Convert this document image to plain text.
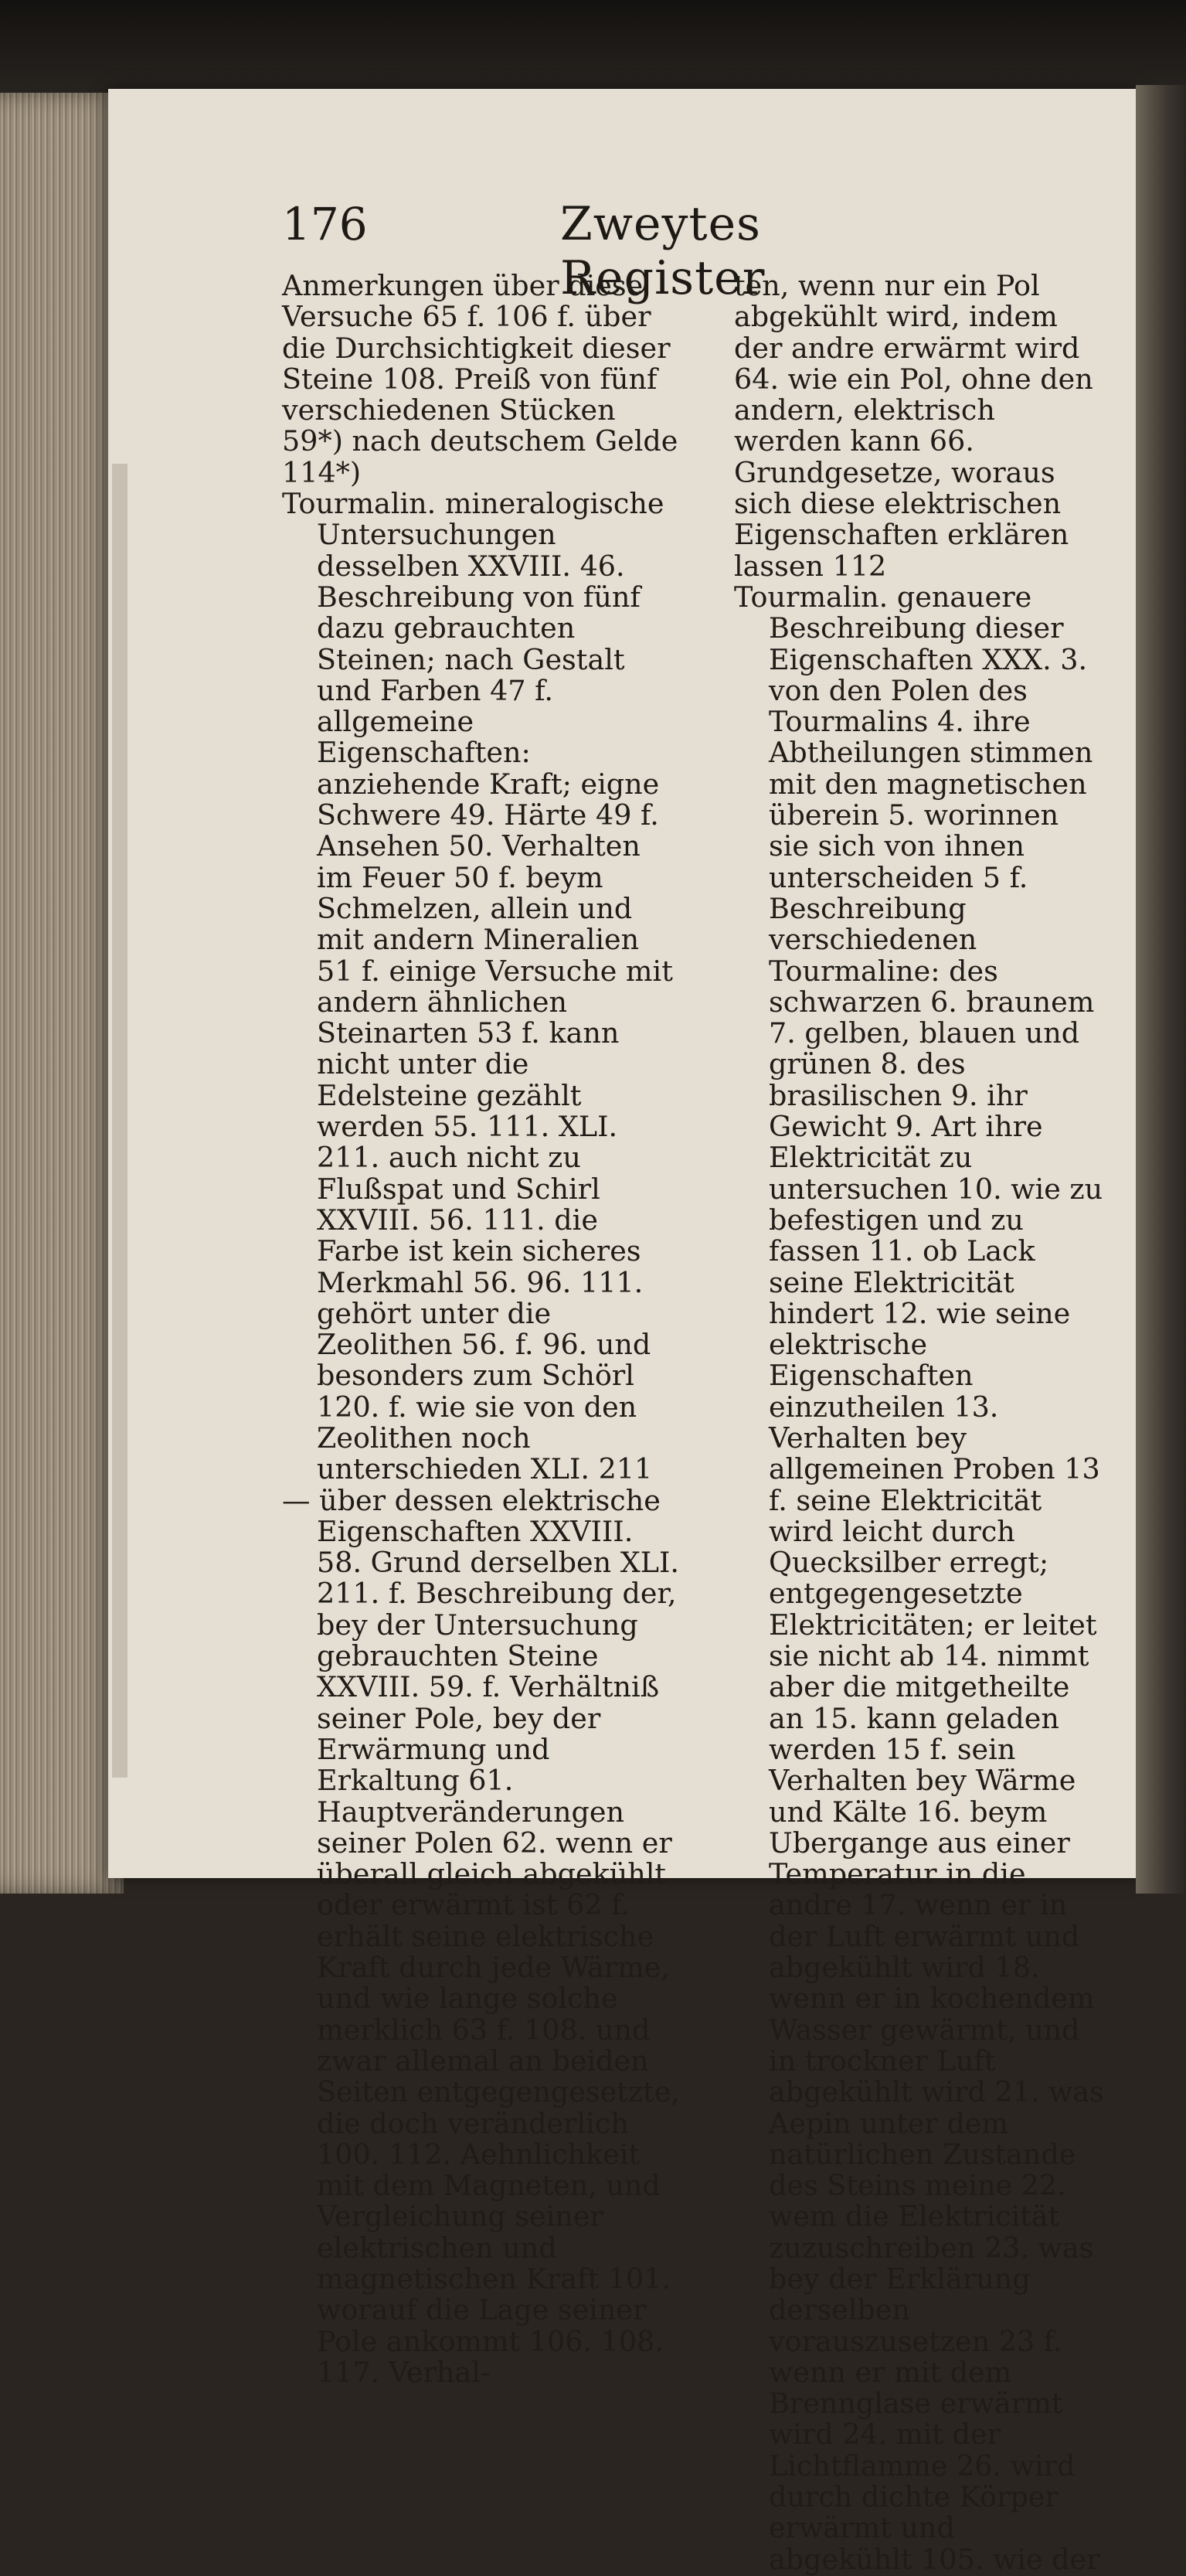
176	Zweytes Register

Anmerkungen über diese Versuche 65 f. 106 f. über die Durchsichtigkeit dieser Steine 108. Preiß von fünf verschiedenen Stücken 59*) nach deutschem Gelde 114*)

Tourmalin. mineralogische Untersuchungen desselben XXVIII. 46. Beschreibung von fünf dazu gebrauchten Steinen; nach Gestalt und Farben 47 f. allgemeine Eigenschaften: anziehende Kraft; eigne Schwere 49. Härte 49 f. Ansehen 50. Verhalten im Feuer 50 f. beym Schmelzen, allein und mit andern Mineralien 51 f. einige Versuche mit andern ähnlichen Steinarten 53 f. kann nicht unter die Edelsteine gezählt werden 55. 111. XLI. 211. auch nicht zu Flußspat und Schirl XXVIII. 56. 111. die Farbe ist kein sicheres Merkmahl 56. 96. 111. gehört unter die Zeolithen 56. f. 96. und besonders zum Schörl 120. f. wie sie von den Zeolithen noch unterschieden XLI. 211

— über dessen elektrische Eigenschaften XXVIII. 58. Grund derselben XLI. 211. f. Beschreibung der, bey der Untersuchung gebrauchten Steine XXVIII. 59. f. Verhältniß seiner Pole, bey der Erwärmung und Erkaltung 61. Hauptveränderungen seiner Polen 62. wenn er überall gleich abgekühlt oder erwärmt ist 62 f. erhält seine elektrische Kraft durch jede Wärme, und wie lange solche merklich 63 f. 108. und zwar allemal an beiden Seiten entgegengesetzte, die doch veränderlich 100. 112. Aehnlichkeit mit dem Magneten, und Vergleichung seiner elektrischen und magnetischen Kraft 101. worauf die Lage seiner Pole ankommt 106. 108. 117. Verhal-

ten, wenn nur ein Pol abgekühlt wird, indem der andre erwärmt wird 64. wie ein Pol, ohne den andern, elektrisch werden kann 66. Grundgesetze, woraus sich diese elektrischen Eigenschaften erklären lassen 112

Tourmalin. genauere Beschreibung dieser Eigenschaften XXX. 3. von den Polen des Tourmalins 4. ihre Abtheilungen stimmen mit den magnetischen überein 5. worinnen sie sich von ihnen unterscheiden 5 f. Beschreibung verschiedenen Tourmaline: des schwarzen 6. braunem 7. gelben, blauen und grünen 8. des brasilischen 9. ihr Gewicht 9. Art ihre Elektricität zu untersuchen 10. wie zu befestigen und zu fassen 11. ob Lack seine Elektricität hindert 12. wie seine elektrische Eigenschaften einzutheilen 13. Verhalten bey allgemeinen Proben 13 f. seine Elektricität wird leicht durch Quecksilber erregt; entgegengesetzte Elektricitäten; er leitet sie nicht ab 14. nimmt aber die mitgetheilte an 15. kann geladen werden 15 f. sein Verhalten bey Wärme und Kälte 16. beym Ubergange aus einer Temperatur in die andre 17. wenn er in der Luft erwärmt und abgekühlt wird 18. wenn er in kochendem Wasser gewärmt, und in trockner Luft abgekühlt wird 21. was Aepin unter dem natürlichen Zustande des Steins meine 22. wem die Elektricität zuzuschreiben 23. was bey der Erklärung derselben vorauszusetzen 23 f. wenn er mit dem Brennglase erwärmt wird 24. mit der Lichtflamme 26. wird durch dichte Körper erwärmt und abgekühlt 105. wie der
